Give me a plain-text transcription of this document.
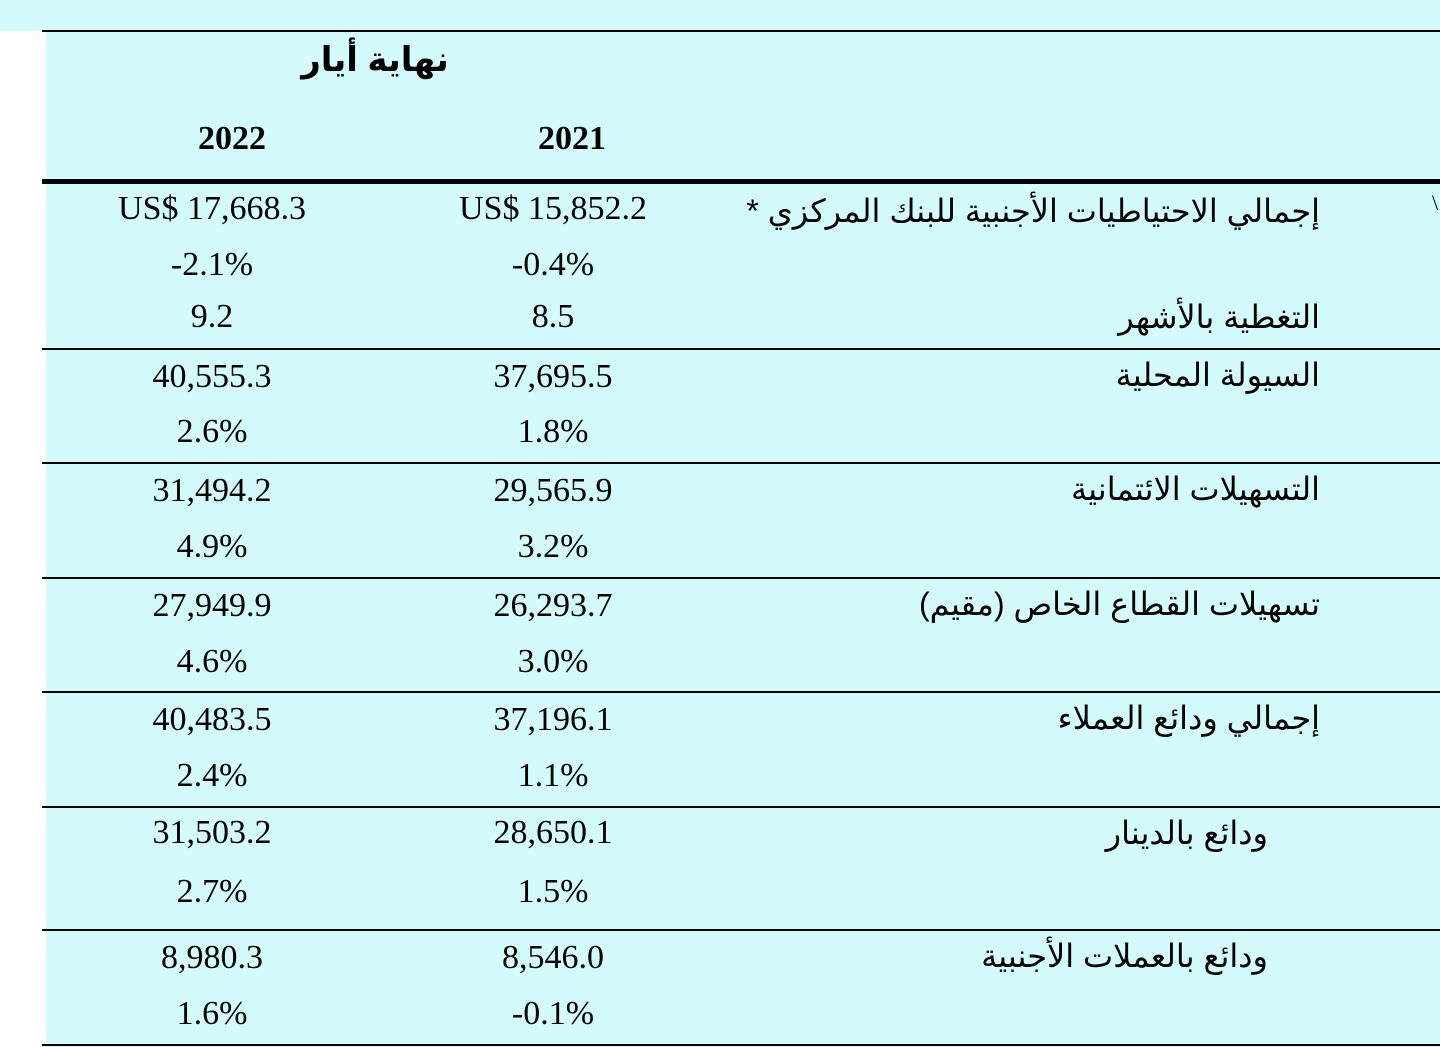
نهاية أيار
2022	2021
إجمالي الاحتياطيات الأجنبية للبنك المركزي *
US$ 15,852.2
US$ 17,668.3
-0.4%
-2.1%
التغطية بالأشهر
8.5
9.2
\
السيولة المحلية
37,695.5
40,555.3
1.8%
2.6%
التسهيلات الائتمانية
29,565.9
31,494.2
3.2%
4.9%
تسهيلات القطاع الخاص (مقيم)
26,293.7
27,949.9
3.0%
4.6%
إجمالي ودائع العملاء
37,196.1
40,483.5
1.1%
2.4%
ودائع بالدينار
28,650.1
31,503.2
1.5%
2.7%
ودائع بالعملات الأجنبية
8,546.0
8,980.3
-0.1%
1.6%
